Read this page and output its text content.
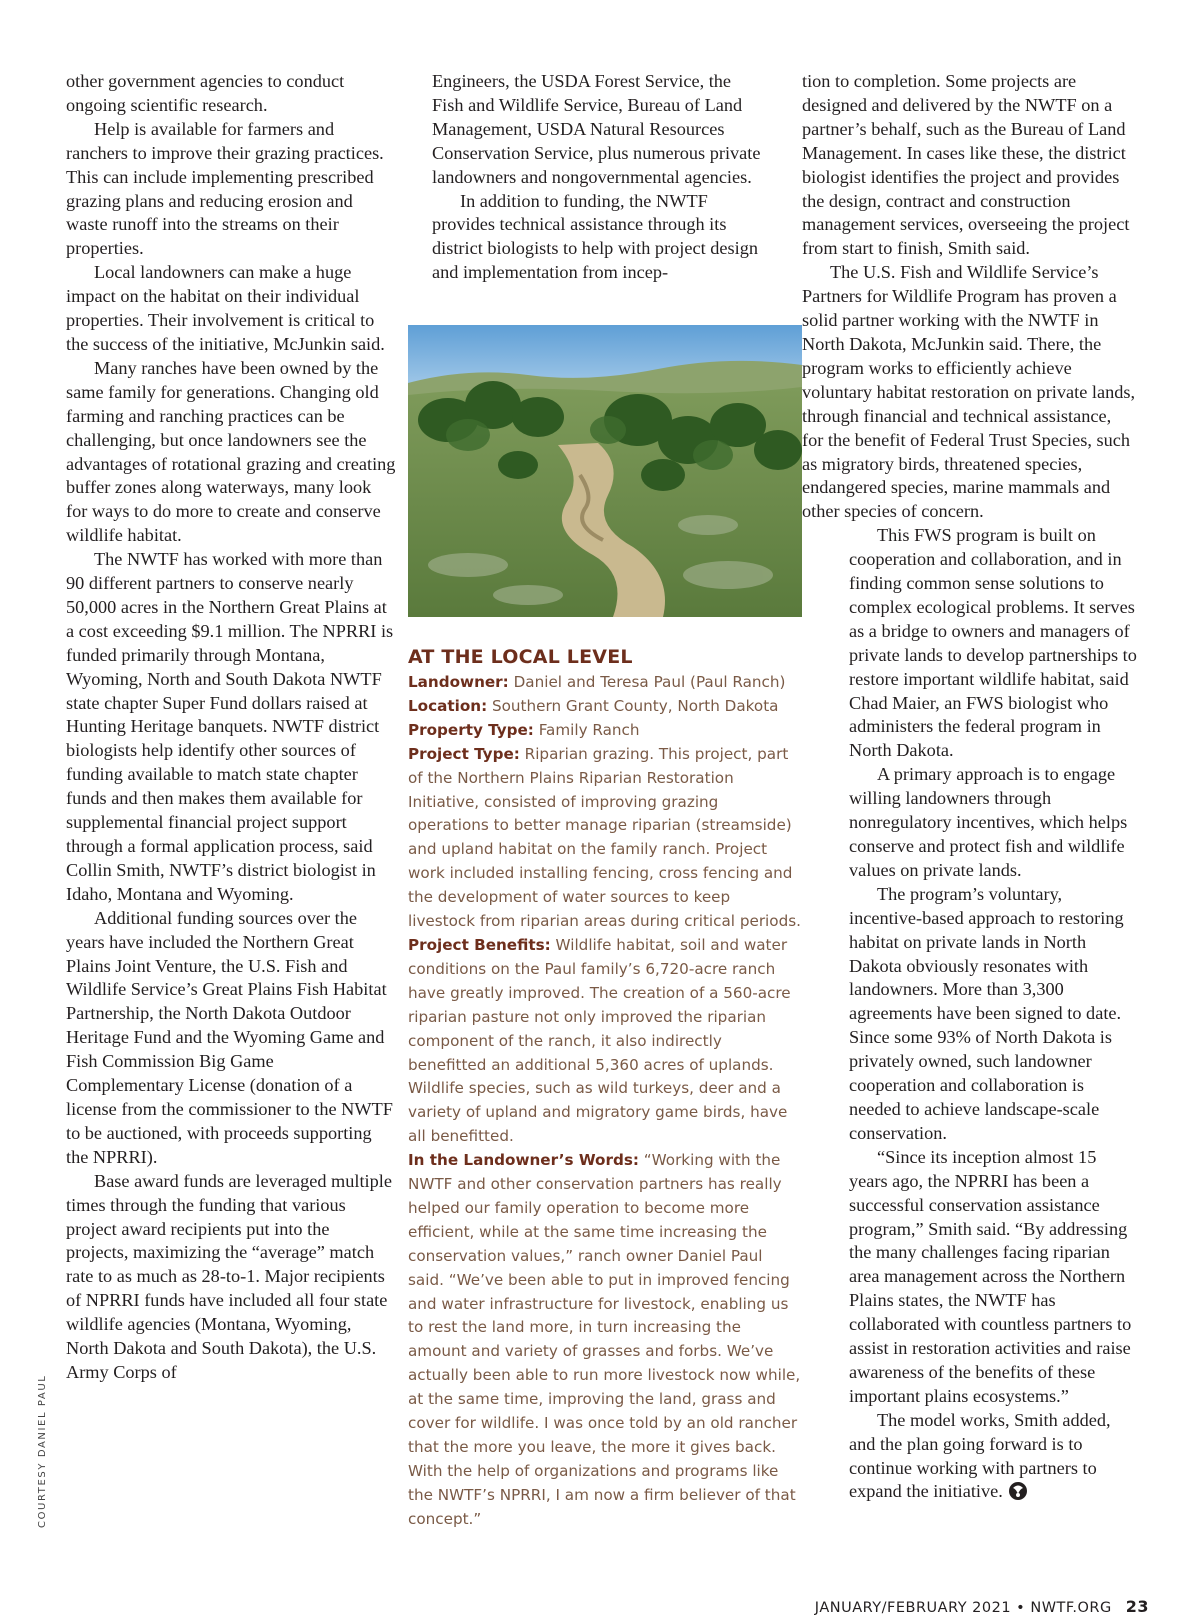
other government agencies to conduct ongoing scientific research.

Help is available for farmers and ranchers to improve their grazing practices. This can include implementing prescribed grazing plans and reducing erosion and waste runoff into the streams on their properties.

Local landowners can make a huge impact on the habitat on their individual properties. Their involvement is critical to the success of the initiative, McJunkin said.

Many ranches have been owned by the same family for generations. Changing old farming and ranching practices can be challenging, but once landowners see the advantages of rotational grazing and creating buffer zones along waterways, many look for ways to do more to create and conserve wildlife habitat.

The NWTF has worked with more than 90 different partners to conserve nearly 50,000 acres in the Northern Great Plains at a cost exceeding $9.1 million. The NPRRI is funded primarily through Montana, Wyoming, North and South Dakota NWTF state chapter Super Fund dollars raised at Hunting Heritage banquets. NWTF district biologists help identify other sources of funding available to match state chapter funds and then makes them available for supplemental financial project support through a formal application process, said Collin Smith, NWTF’s district biologist in Idaho, Montana and Wyoming.

Additional funding sources over the years have included the Northern Great Plains Joint Venture, the U.S. Fish and Wildlife Service’s Great Plains Fish Habitat Partnership, the North Dakota Outdoor Heritage Fund and the Wyoming Game and Fish Commission Big Game Complementary License (donation of a license from the commissioner to the NWTF to be auctioned, with proceeds supporting the NPRRI).

Base award funds are leveraged multiple times through the funding that various project award recipients put into the projects, maximizing the “average” match rate to as much as 28-to-1. Major recipients of NPRRI funds have included all four state wildlife agencies (Montana, Wyoming, North Dakota and South Dakota), the U.S. Army Corps of

Engineers, the USDA Forest Service, the Fish and Wildlife Service, Bureau of Land Management, USDA Natural Resources Conservation Service, plus numerous private landowners and nongovernmental agencies.

In addition to funding, the NWTF provides technical assistance through its district biologists to help with project design and implementation from incep-

AT THE LOCAL LEVEL

Landowner: Daniel and Teresa Paul (Paul Ranch)

Location: Southern Grant County, North Dakota

Property Type: Family Ranch

Project Type: Riparian grazing. This project, part of the Northern Plains Riparian Restoration Initiative, consisted of improving grazing operations to better manage riparian (streamside) and upland habitat on the family ranch. Project work included installing fencing, cross fencing and the development of water sources to keep livestock from riparian areas during critical periods.

Project Benefits: Wildlife habitat, soil and water conditions on the Paul family’s 6,720-acre ranch have greatly improved. The creation of a 560-acre riparian pasture not only improved the riparian component of the ranch, it also indirectly benefitted an additional 5,360 acres of uplands. Wildlife species, such as wild turkeys, deer and a variety of upland and migratory game birds, have all benefitted.

In the Landowner’s Words: “Working with the NWTF and other conservation partners has really helped our family operation to become more efficient, while at the same time increasing the conservation values,” ranch owner Daniel Paul said. “We’ve been able to put in improved fencing and water infrastructure for livestock, enabling us to rest the land more, in turn increasing the amount and variety of grasses and forbs. We’ve actually been able to run more livestock now while, at the same time, improving the land, grass and cover for wildlife. I was once told by an old rancher that the more you leave, the more it gives back. With the help of organizations and programs like the NWTF’s NPRRI, I am now a firm believer of that concept.”

tion to completion. Some projects are designed and delivered by the NWTF on a partner’s behalf, such as the Bureau of Land Management. In cases like these, the district biologist identifies the project and provides the design, contract and construction management services, overseeing the project from start to finish, Smith said.

The U.S. Fish and Wildlife Service’s Partners for Wildlife Program has proven a solid partner working with the NWTF in North Dakota, McJunkin said. There, the program works to efficiently achieve voluntary habitat restoration on private lands, through financial and technical assistance, for the benefit of Federal Trust Species, such as migratory birds, threatened species, endangered species, marine mammals and other species of concern.

This FWS program is built on cooperation and collaboration, and in finding common sense solutions to complex ecological problems. It serves as a bridge to owners and managers of private lands to develop partnerships to restore important wildlife habitat, said Chad Maier, an FWS biologist who administers the federal program in North Dakota.

A primary approach is to engage willing landowners through nonregulatory incentives, which helps conserve and protect fish and wildlife values on private lands.

The program’s voluntary, incentive-based approach to restoring habitat on private lands in North Dakota obviously resonates with landowners. More than 3,300 agreements have been signed to date. Since some 93% of North Dakota is privately owned, such landowner cooperation and collaboration is needed to achieve landscape-scale conservation.

“Since its inception almost 15 years ago, the NPRRI has been a successful conservation assistance program,” Smith said. “By addressing the many challenges facing riparian area management across the Northern Plains states, the NWTF has collaborated with countless partners to assist in restoration activities and raise awareness of the benefits of these important plains ecosystems.”

The model works, Smith added, and the plan going forward is to continue working with partners to expand the initiative.

COURTESY DANIEL PAUL
JANUARY/FEBRUARY 2021 • NWTF.ORG 23
